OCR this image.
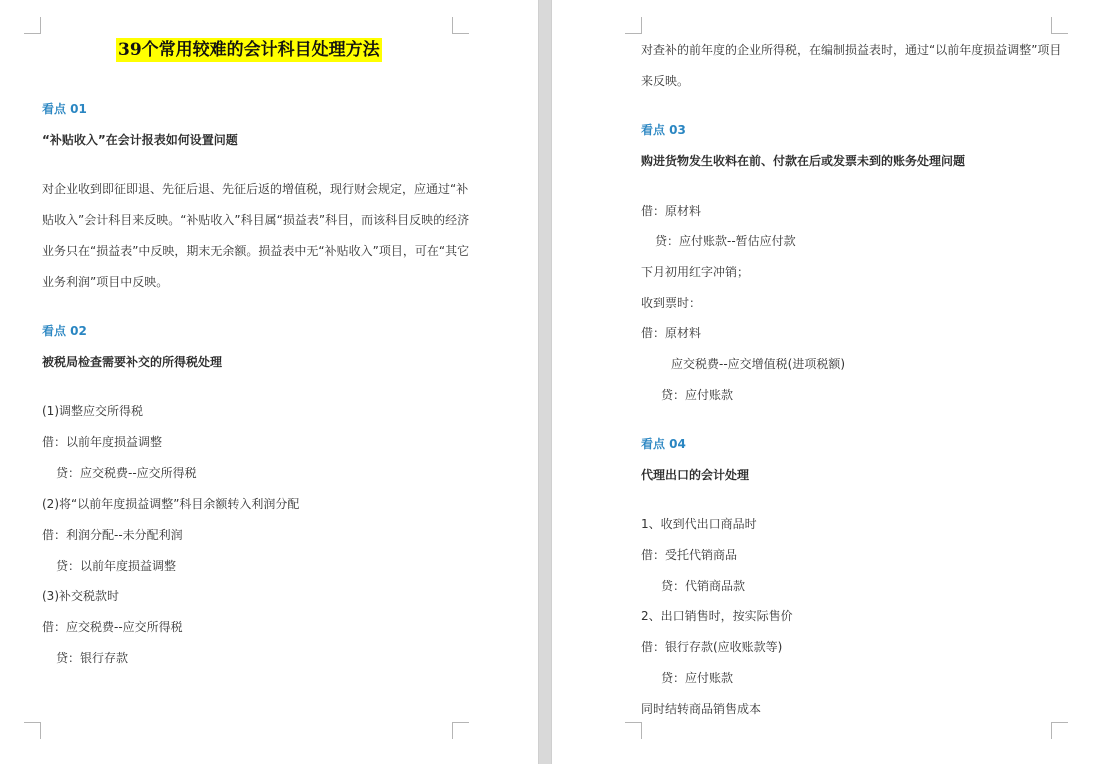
39个常用较难的会计科目处理方法
看点 01
“补贴收入”在会计报表如何设置问题
对企业收到即征即退、先征后退、先征后返的增值税，现行财会规定，应通过“补
贴收入”会计科目来反映。“补贴收入”科目属“损益表”科目，而该科目反映的经济
业务只在“损益表”中反映，期末无余额。损益表中无“补贴收入”项目，可在“其它
业务利润”项目中反映。
看点 02
被税局检查需要补交的所得税处理
(1)调整应交所得税
借：以前年度损益调整
贷：应交税费--应交所得税
(2)将“以前年度损益调整”科目余额转入利润分配
借：利润分配--未分配利润
贷：以前年度损益调整
(3)补交税款时
借：应交税费--应交所得税
贷：银行存款
对查补的前年度的企业所得税，在编制损益表时，通过“以前年度损益调整”项目
来反映。
看点 03
购进货物发生收料在前、付款在后或发票未到的账务处理问题
借：原材料
贷：应付账款--暂估应付款
下月初用红字冲销；
收到票时：
借：原材料
应交税费--应交增值税(进项税额)
贷：应付账款
看点 04
代理出口的会计处理
1、收到代出口商品时
借：受托代销商品
贷：代销商品款
2、出口销售时，按实际售价
借：银行存款(应收账款等)
贷：应付账款
同时结转商品销售成本
